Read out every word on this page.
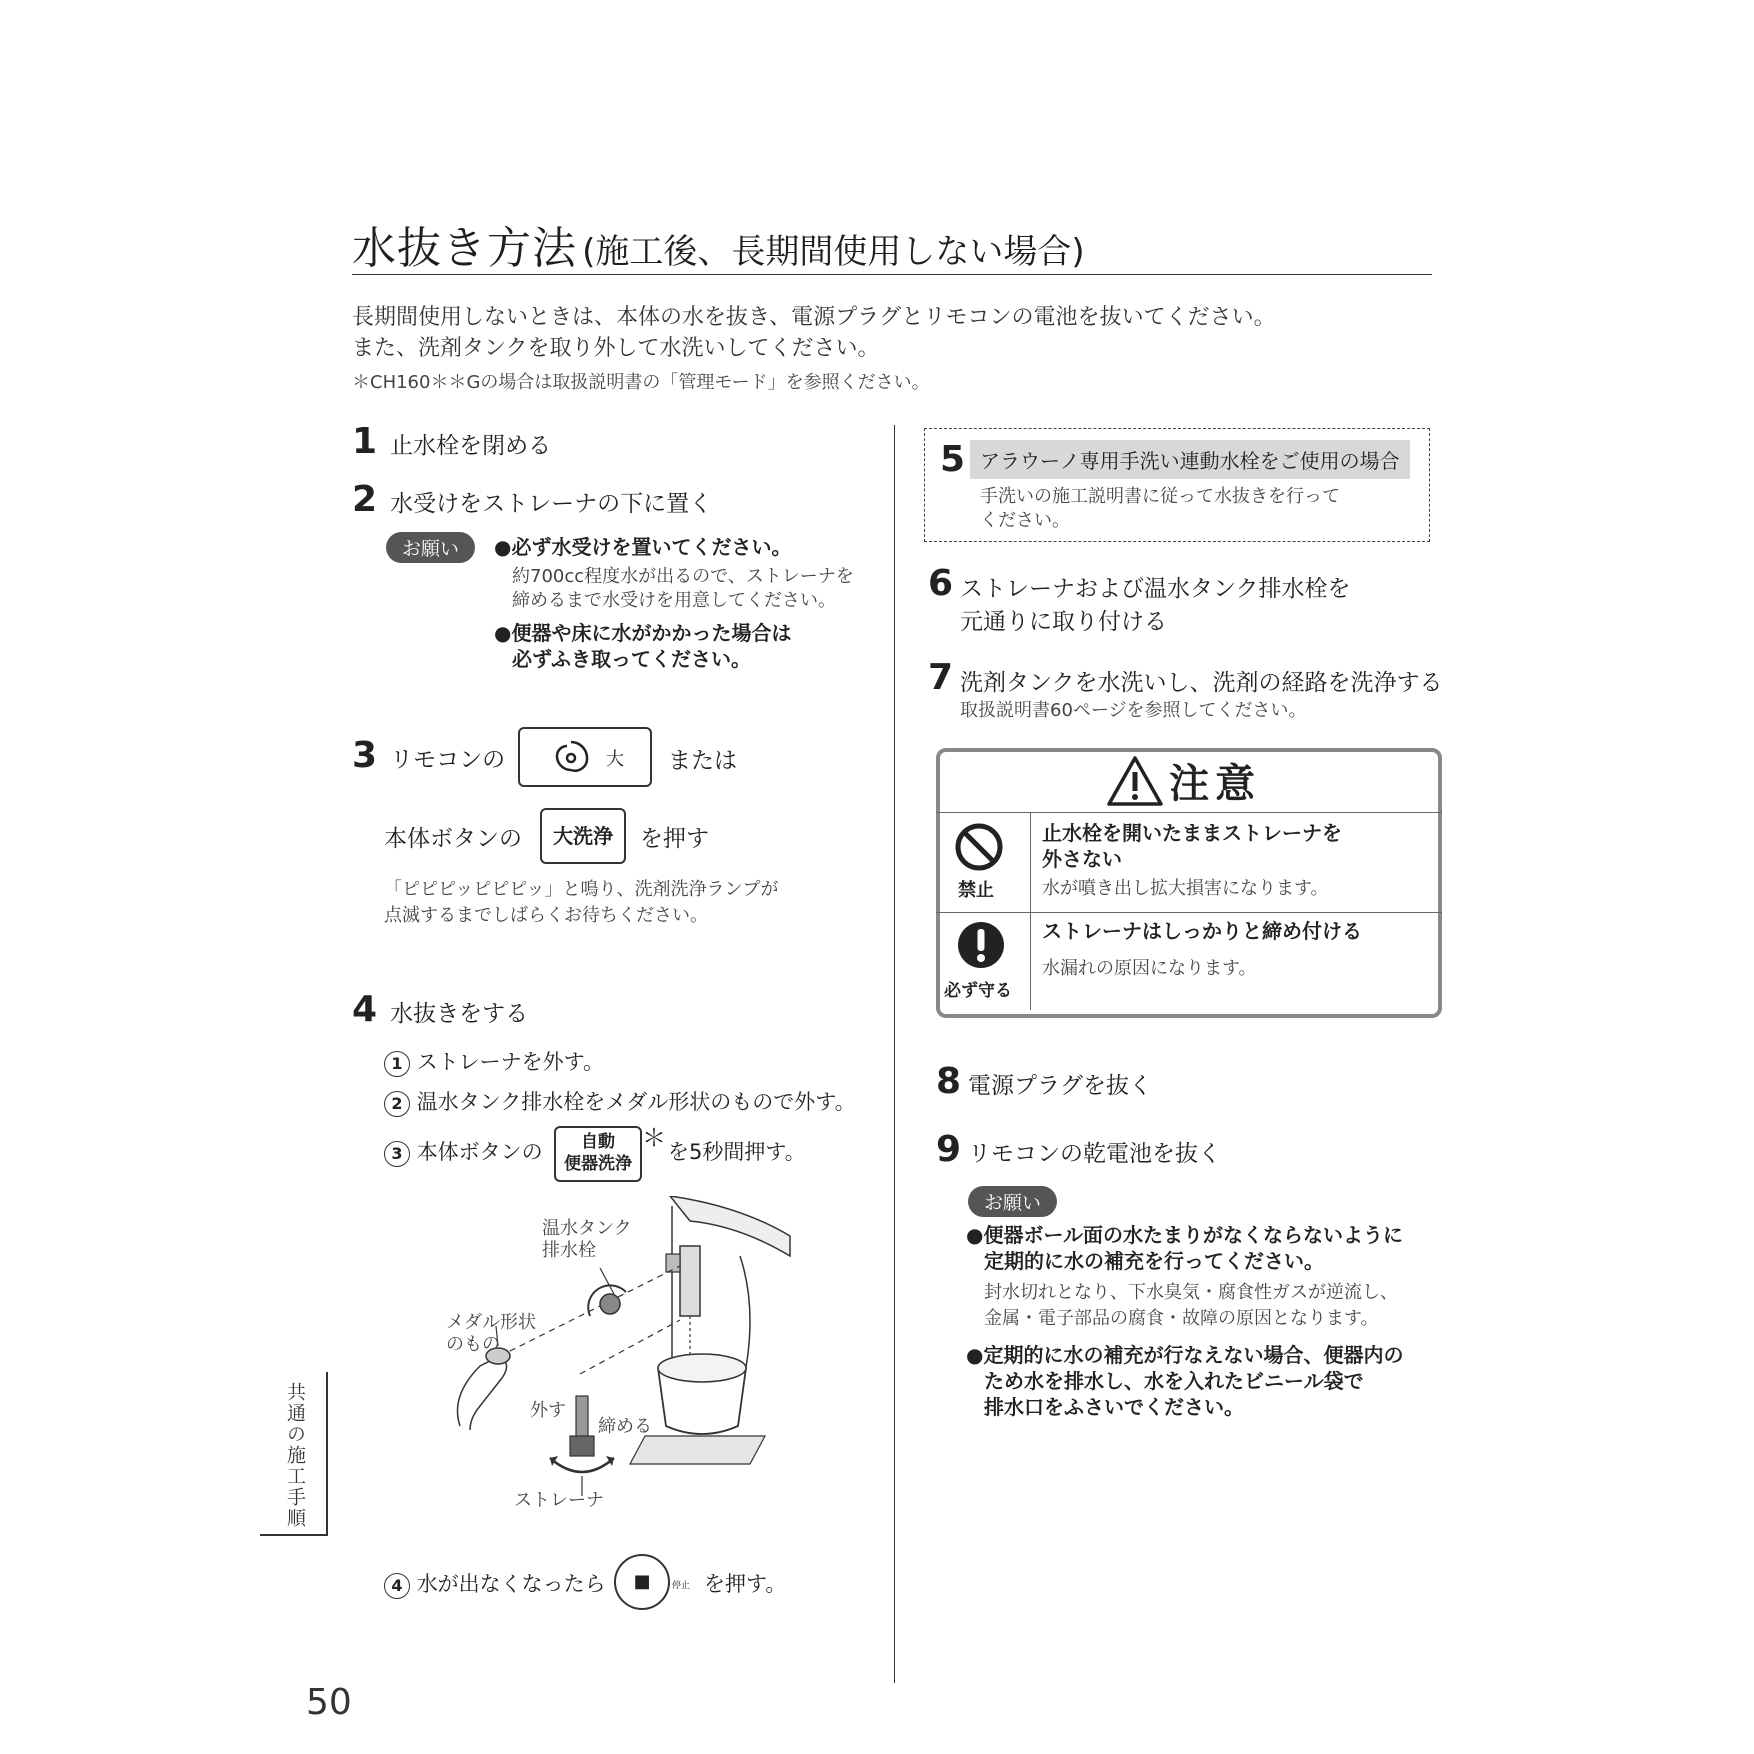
水抜き方法 (施工後、長期間使用しない場合)
長期間使用しないときは、本体の水を抜き、電源プラグとリモコンの電池を抜いてください。
また、洗剤タンクを取り外して水洗いしてください。
＊CH160＊＊Gの場合は取扱説明書の「管理モード」を参照ください。
1 止水栓を閉める
2 水受けをストレーナの下に置く
お願い	●必ず水受けを置いてください。
約700cc程度水が出るので、ストレーナを
締めるまで水受けを用意してください。
●便器や床に水がかかった場合は
必ずふき取ってください。
3 リモコンの	大 または
本体ボタンの	大洗浄	を押す
「ピピピッピピピッ」と鳴り、洗剤洗浄ランプが
点滅するまでしばらくお待ちください。
4 水抜きをする
1 ストレーナを外す。
2 温水タンク排水栓をメダル形状のもので外す。
3 本体ボタンの	自動
便器洗浄
＊ を5秒間押す。
温水タンク
排水栓
メダル形状
のもの
外す
締める
ストレーナ
4 水が出なくなったら	■	停止 を押す。
共通の施工手順
50
5 アラウーノ専用手洗い連動水栓をご使用の場合
手洗いの施工説明書に従って水抜きを行って
ください。
6 ストレーナおよび温水タンク排水栓を
元通りに取り付ける
7 洗剤タンクを水洗いし、洗剤の経路を洗浄する
取扱説明書60ページを参照してください。
注意
禁止
止水栓を開いたままストレーナを
外さない
水が噴き出し拡大損害になります。
必ず守る
ストレーナはしっかりと締め付ける
水漏れの原因になります。
8 電源プラグを抜く
9 リモコンの乾電池を抜く
お願い
●便器ボール面の水たまりがなくならないように
定期的に水の補充を行ってください。
封水切れとなり、下水臭気・腐食性ガスが逆流し、
金属・電子部品の腐食・故障の原因となります。
●定期的に水の補充が行なえない場合、便器内の
ため水を排水し、水を入れたビニール袋で
排水口をふさいでください。
